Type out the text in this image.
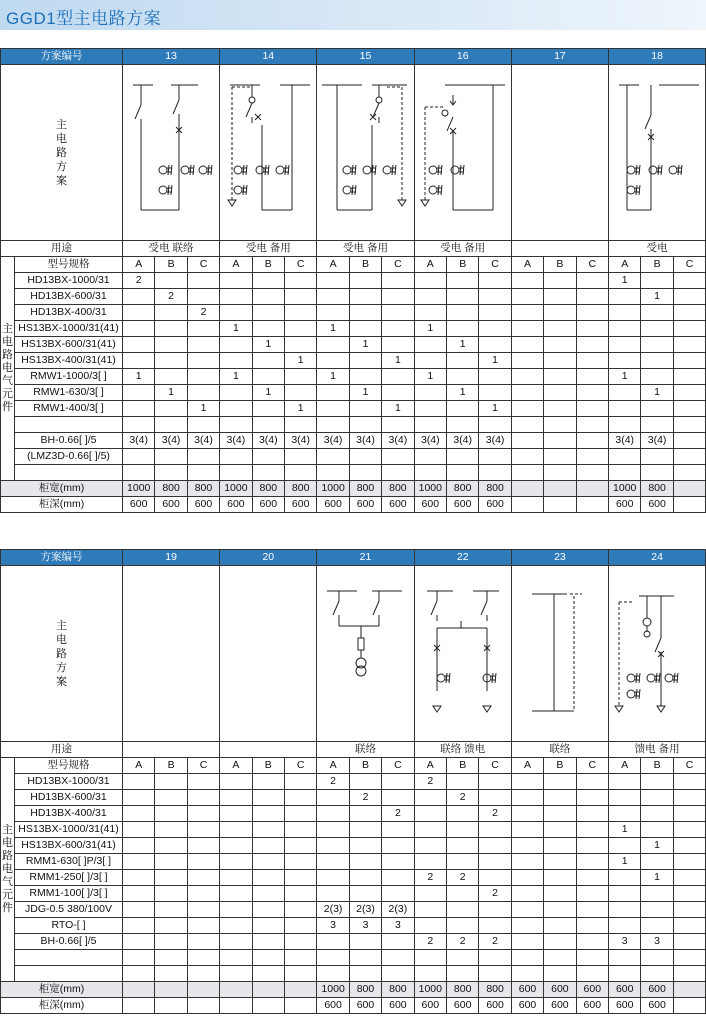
GGD1型主电路方案
方案编号		13			14			15			16			17			18		

主电路方案

用途		受电 联络			受电 备用			受电 备用			受电 备用						受电		

主电路电气元件	型号规格	A	B	C	A	B	C	A	B	C	A	B	C	A	B	C	A	B	C
	HD13BX-1000/31	2															1		
	HD13BX-600/31		2															1	
	HD13BX-400/31			2															
	HS13BX-1000/31(41)				1			1			1								
	HS13BX-600/31(41)					1			1			1							
	HS13BX-400/31(41)						1			1			1						
	RMW1-1000/3[ ]	1			1			1			1						1		
	RMW1-630/3[ ]		1			1			1			1						1	
	RMW1-400/3[ ]			1			1			1			1						

	BH-0.66[ ]/5	3(4)	3(4)	3(4)	3(4)	3(4)	3(4)	3(4)	3(4)	3(4)	3(4)	3(4)	3(4)				3(4)	3(4)	
	(LMZ3D-0.66[ ]/5)																		

柜宽(mm)		1000	800	800	1000	800	800	1000	800	800	1000	800	800				1000	800	
柜深(mm)		600	600	600	600	600	600	600	600	600	600	600	600				600	600	
方案编号		19			20			21			22			23			24		

主电路方案

用途								联络			联络 馈电			联络			馈电 备用		

主电路电气元件	型号规格	A	B	C	A	B	C	A	B	C	A	B	C	A	B	C	A	B	C
	HD13BX-1000/31							2			2								
	HD13BX-600/31								2			2							
	HD13BX-400/31									2			2						
	HS13BX-1000/31(41)																1		
	HS13BX-600/31(41)																	1	
	RMM1-630[ ]P/3[ ]																1		
	RMM1-250[ ]/3[ ]										2	2						1	
	RMM1-100[ ]/3[ ]												2						
	JDG-0.5 380/100V							2(3)	2(3)	2(3)									
	RTO-[ ]							3	3	3									
	BH-0.66[ ]/5										2	2	2				3	3	

柜宽(mm)								1000	800	800	1000	800	800	600	600	600	600	600	
柜深(mm)								600	600	600	600	600	600	600	600	600	600	600	
